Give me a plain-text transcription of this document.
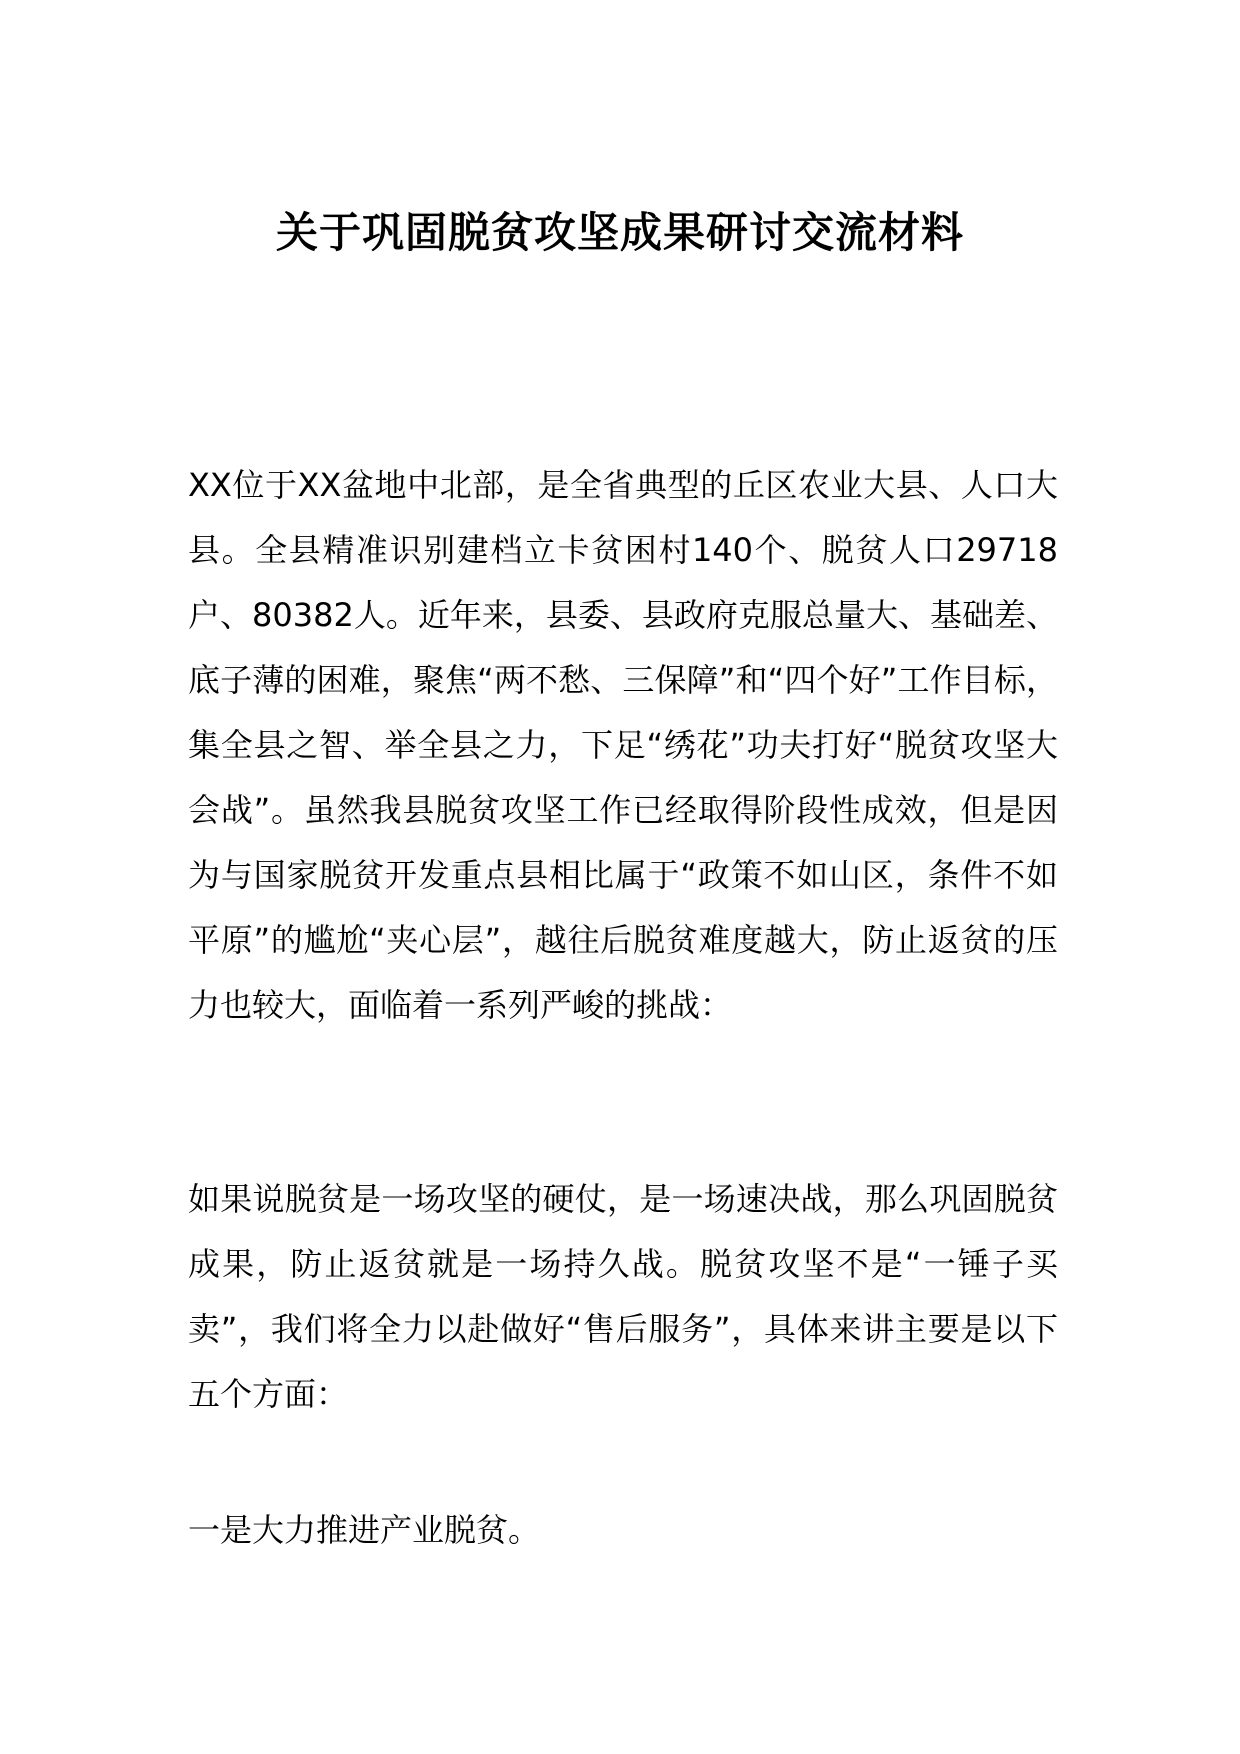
关于巩固脱贫攻坚成果研讨交流材料

XX位于XX盆地中北部，是全省典型的丘区农业大县、人口大县。全县精准识别建档立卡贫困村140个、脱贫人口29718户、80382人。近年来，县委、县政府克服总量大、基础差、底子薄的困难，聚焦“两不愁、三保障”和“四个好”工作目标，集全县之智、举全县之力，下足“绣花”功夫打好“脱贫攻坚大会战”。虽然我县脱贫攻坚工作已经取得阶段性成效，但是因为与国家脱贫开发重点县相比属于“政策不如山区，条件不如平原”的尴尬“夹心层”，越往后脱贫难度越大，防止返贫的压力也较大，面临着一系列严峻的挑战：

如果说脱贫是一场攻坚的硬仗，是一场速决战，那么巩固脱贫成果，防止返贫就是一场持久战。脱贫攻坚不是“一锤子买卖”，我们将全力以赴做好“售后服务”，具体来讲主要是以下五个方面：

一是大力推进产业脱贫。
